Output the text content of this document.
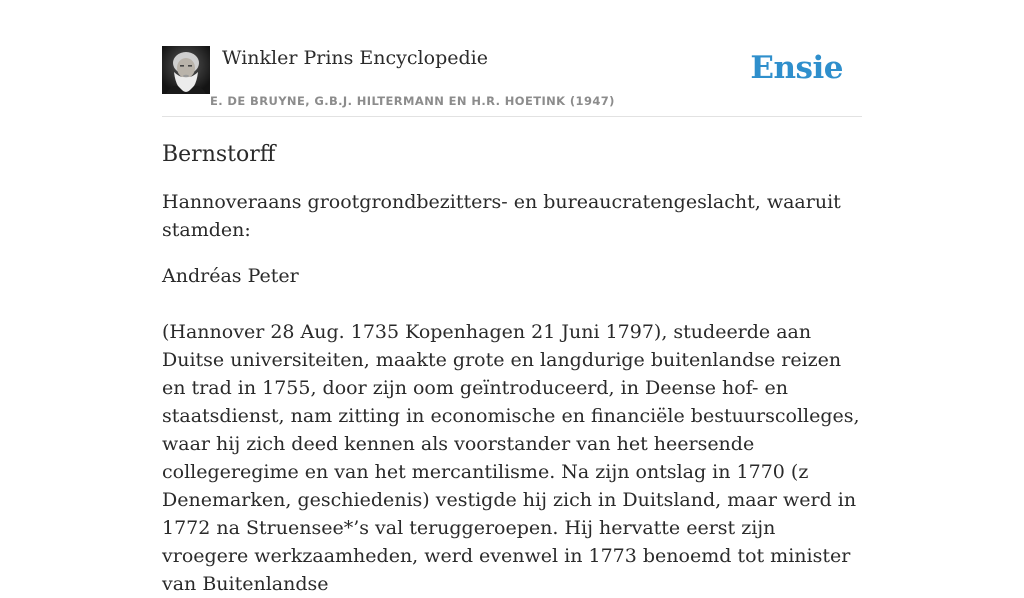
Winkler Prins Encyclopedie
E. DE BRUYNE, G.B.J. HILTERMANN EN H.R. HOETINK (1947)
Ensie
Bernstorff

Hannoveraans grootgrondbezitters- en bureaucratengeslacht, waaruit stamden:

Andréas Peter

(Hannover 28 Aug. 1735 Kopenhagen 21 Juni 1797), studeerde aan Duitse universiteiten, maakte grote en langdurige buitenlandse reizen en trad in 1755, door zijn oom geïntroduceerd, in Deense hof- en staatsdienst, nam zitting in economische en financiële bestuurscolleges, waar hij zich deed kennen als voorstander van het heersende collegeregime en van het mercantilisme. Na zijn ontslag in 1770 (z Denemarken, geschiedenis) vestigde hij zich in Duitsland, maar werd in 1772 na Struensee*’s val teruggeroepen. Hij hervatte eerst zijn vroegere werkzaamheden, werd evenwel in 1773 benoemd tot minister van Buitenlandse
